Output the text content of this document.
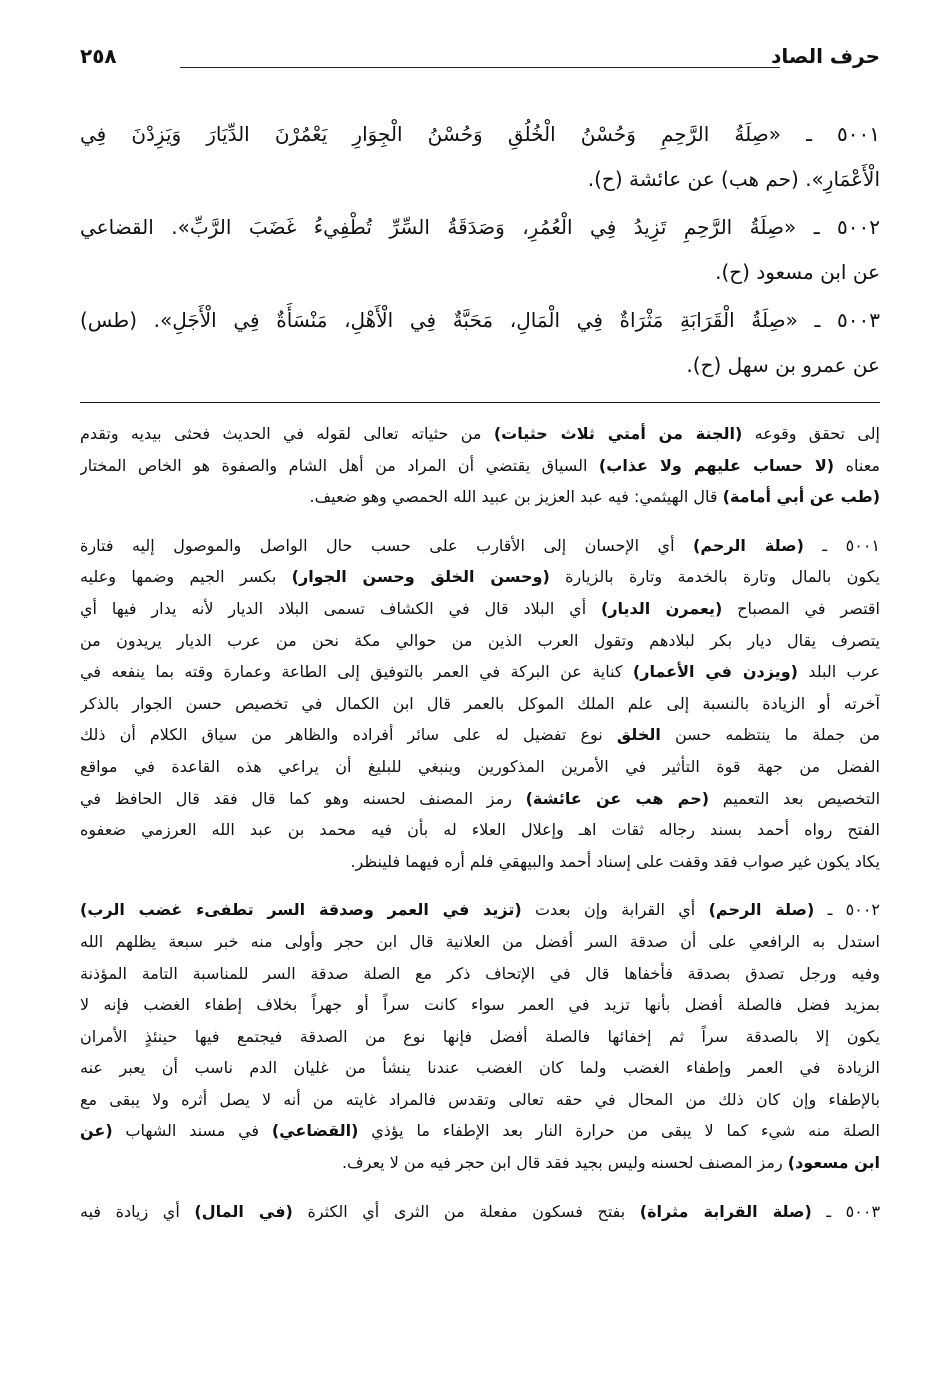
حرف الصاد
٢٥٨
٥٠٠١ ـ «صِلَةُ الرَّحِمِ وَحُسْنُ الْخُلُقِ وَحُسْنُ الْجِوَارِ يَعْمُرْنَ الدِّيَارَ وَيَزِدْنَ فِي
الْأَعْمَارِ». (حم هب) عن عائشة (ح).
٥٠٠٢ ـ «صِلَةُ الرَّحِمِ تَزِيدُ فِي الْعُمُرِ، وَصَدَقَةُ السِّرِّ تُطْفِيءُ غَضَبَ الرَّبِّ». القضاعي
عن ابن مسعود (ح).
٥٠٠٣ ـ «صِلَةُ الْقَرَابَةِ مَثْرَاةٌ فِي الْمَالِ، مَحَبَّةٌ فِي الْأَهْلِ، مَنْسَأَةٌ فِي الْأَجَلِ». (طس)
عن عمرو بن سهل (ح).
إلى تحقق وقوعه (الجنة من أمتي ثلاث حثيات) من حثياته تعالى لقوله في الحديث فحثى بيديه وتقدم
معناه (لا حساب عليهم ولا عذاب) السياق يقتضي أن المراد من أهل الشام والصفوة هو الخاص المختار
(طب عن أبي أمامة) قال الهيثمي: فيه عبد العزيز بن عبيد الله الحمصي وهو ضعيف.
٥٠٠١ ـ (صلة الرحم) أي الإحسان إلى الأقارب على حسب حال الواصل والموصول إليه فتارة
يكون بالمال وتارة بالخدمة وتارة بالزيارة (وحسن الخلق وحسن الجوار) بكسر الجيم وضمها وعليه
اقتصر في المصباح (يعمرن الديار) أي البلاد قال في الكشاف تسمى البلاد الديار لأنه يدار فيها أي
يتصرف يقال ديار بكر لبلادهم وتقول العرب الذين من حوالي مكة نحن من عرب الديار يريدون من
عرب البلد (ويزدن في الأعمار) كناية عن البركة في العمر بالتوفيق إلى الطاعة وعمارة وقته بما ينفعه في
آخرته أو الزيادة بالنسبة إلى علم الملك الموكل بالعمر قال ابن الكمال في تخصيص حسن الجوار بالذكر
من جملة ما ينتظمه حسن الخلق نوع تفضيل له على سائر أفراده والظاهر من سياق الكلام أن ذلك
الفضل من جهة قوة التأثير في الأمرين المذكورين وينبغي للبليغ أن يراعي هذه القاعدة في مواقع
التخصيص بعد التعميم (حم هب عن عائشة) رمز المصنف لحسنه وهو كما قال فقد قال الحافظ في
الفتح رواه أحمد بسند رجاله ثقات اهـ وإعلال العلاء له بأن فيه محمد بن عبد الله العرزمي ضعفوه
يكاد يكون غير صواب فقد وقفت على إسناد أحمد والبيهقي فلم أره فيهما فلينظر.
٥٠٠٢ ـ (صلة الرحم) أي القرابة وإن بعدت (تزيد في العمر وصدقة السر تطفىء غضب الرب)
استدل به الرافعي على أن صدقة السر أفضل من العلانية قال ابن حجر وأولى منه خبر سبعة يظلهم الله
وفيه ورجل تصدق بصدقة فأخفاها قال في الإتحاف ذكر مع الصلة صدقة السر للمناسبة التامة المؤذنة
بمزيد فضل فالصلة أفضل بأنها تزيد في العمر سواء كانت سراً أو جهراً بخلاف إطفاء الغضب فإنه لا
يكون إلا بالصدقة سراً ثم إخفائها فالصلة أفضل فإنها نوع من الصدقة فيجتمع فيها حينئذٍ الأمران
الزيادة في العمر وإطفاء الغضب ولما كان الغضب عندنا ينشأ من غليان الدم ناسب أن يعبر عنه
بالإطفاء وإن كان ذلك من المحال في حقه تعالى وتقدس فالمراد غايته من أنه لا يصل أثره ولا يبقى مع
الصلة منه شيء كما لا يبقى من حرارة النار بعد الإطفاء ما يؤذي (القضاعي) في مسند الشهاب (عن
ابن مسعود) رمز المصنف لحسنه وليس بجيد فقد قال ابن حجر فيه من لا يعرف.
٥٠٠٣ ـ (صلة القرابة مثراة) بفتح فسكون مفعلة من الثرى أي الكثرة (في المال) أي زيادة فيه
